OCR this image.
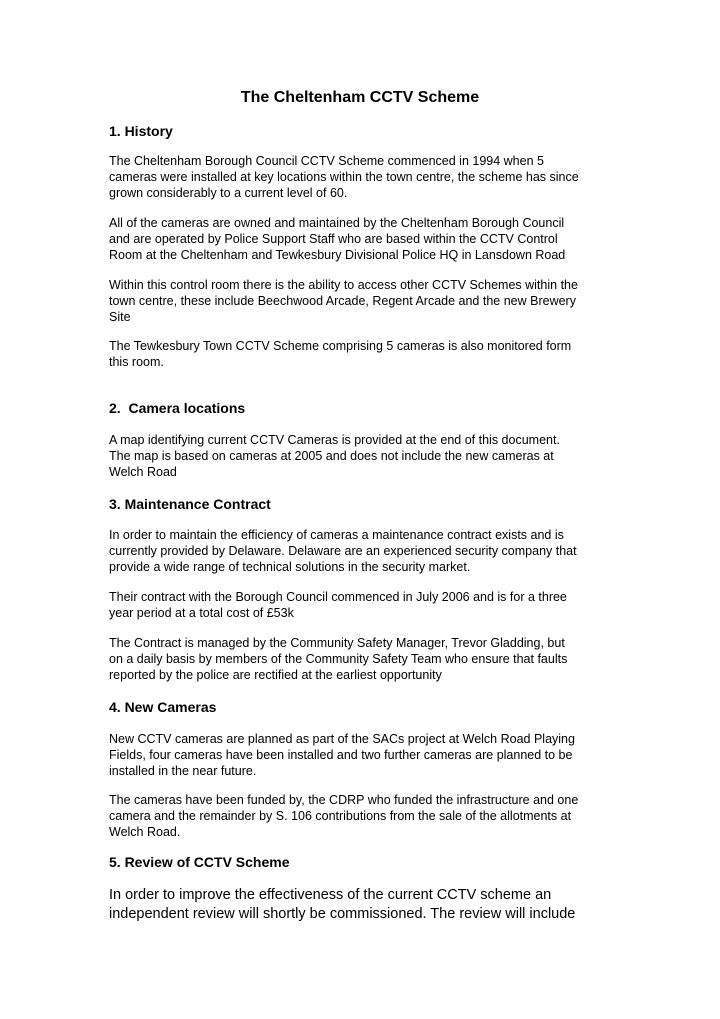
The Cheltenham CCTV Scheme
1. History
The Cheltenham Borough Council CCTV Scheme commenced in 1994 when 5
cameras were installed at key locations within the town centre, the scheme has since
grown considerably to a current level of 60.
All of the cameras are owned and maintained by the Cheltenham Borough Council
and are operated by Police Support Staff who are based within the CCTV Control
Room at the Cheltenham and Tewkesbury Divisional Police HQ in Lansdown Road
Within this control room there is the ability to access other CCTV Schemes within the
town centre, these include Beechwood Arcade, Regent Arcade and the new Brewery
Site
The Tewkesbury Town CCTV Scheme comprising 5 cameras is also monitored form
this room.
2.  Camera locations
A map identifying current CCTV Cameras is provided at the end of this document.
The map is based on cameras at 2005 and does not include the new cameras at
Welch Road
3. Maintenance Contract
In order to maintain the efficiency of cameras a maintenance contract exists and is
currently provided by Delaware. Delaware are an experienced security company that
provide a wide range of technical solutions in the security market.
Their contract with the Borough Council commenced in July 2006 and is for a three
year period at a total cost of £53k
The Contract is managed by the Community Safety Manager, Trevor Gladding, but
on a daily basis by members of the Community Safety Team who ensure that faults
reported by the police are rectified at the earliest opportunity
4. New Cameras
New CCTV cameras are planned as part of the SACs project at Welch Road Playing
Fields, four cameras have been installed and two further cameras are planned to be
installed in the near future.
The cameras have been funded by, the CDRP who funded the infrastructure and one
camera and the remainder by S. 106 contributions from the sale of the allotments at
Welch Road.
5. Review of CCTV Scheme
In order to improve the effectiveness of the current CCTV scheme an
independent review will shortly be commissioned. The review will include
